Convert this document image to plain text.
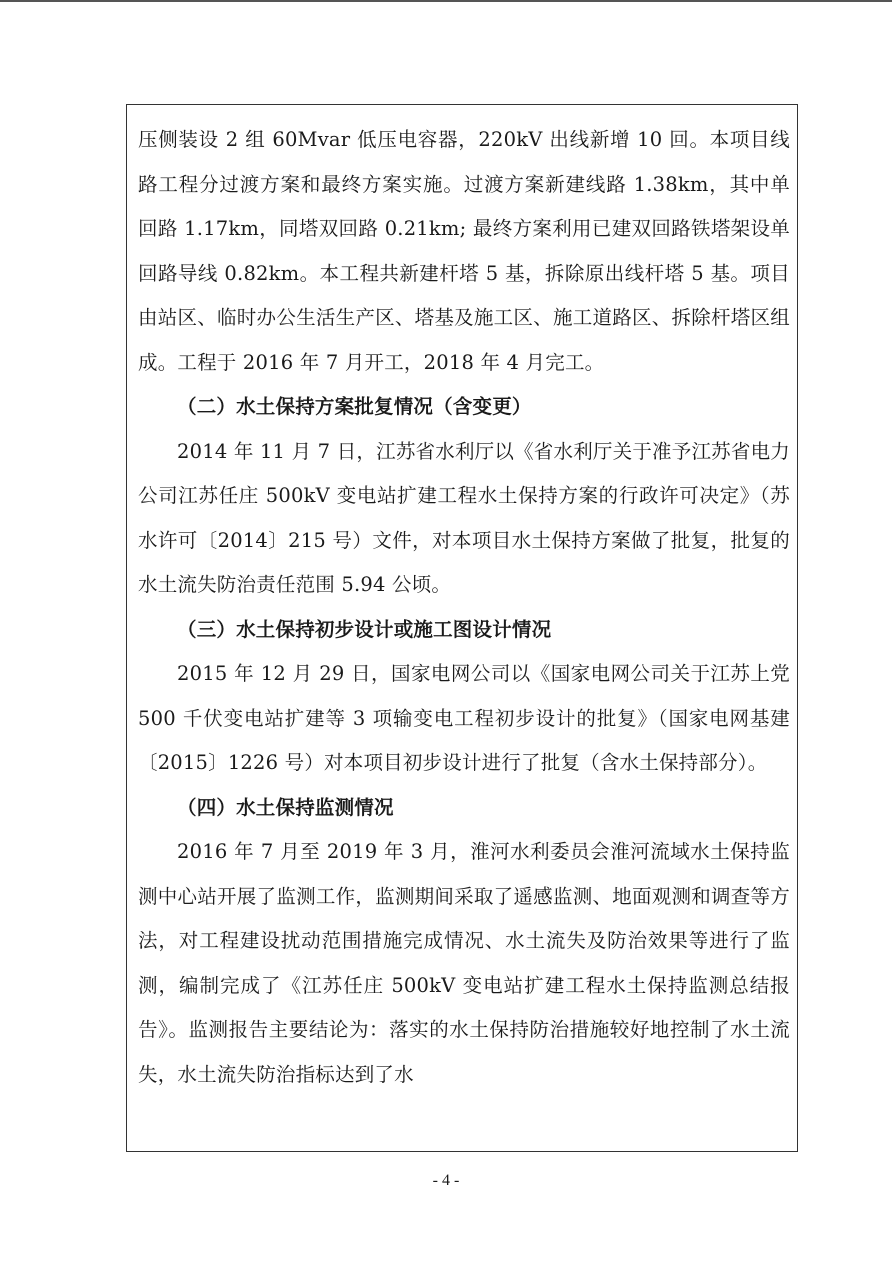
压侧装设 2 组 60Mvar 低压电容器，220kV 出线新增 10 回。本项目线路工程分过渡方案和最终方案实施。过渡方案新建线路 1.38km，其中单回路 1.17km，同塔双回路 0.21km; 最终方案利用已建双回路铁塔架设单回路导线 0.82km。本工程共新建杆塔 5 基，拆除原出线杆塔 5 基。项目由站区、临时办公生活生产区、塔基及施工区、施工道路区、拆除杆塔区组成。工程于 2016 年 7 月开工，2018 年 4 月完工。

（二）水土保持方案批复情况（含变更）

2014 年 11 月 7 日，江苏省水利厅以《省水利厅关于准予江苏省电力公司江苏任庄 500kV 变电站扩建工程水土保持方案的行政许可决定》（苏水许可〔2014〕215 号）文件，对本项目水土保持方案做了批复，批复的水土流失防治责任范围 5.94 公顷。

（三）水土保持初步设计或施工图设计情况

2015 年 12 月 29 日，国家电网公司以《国家电网公司关于江苏上党 500 千伏变电站扩建等 3 项输变电工程初步设计的批复》（国家电网基建〔2015〕1226 号）对本项目初步设计进行了批复（含水土保持部分）。

（四）水土保持监测情况

2016 年 7 月至 2019 年 3 月，淮河水利委员会淮河流域水土保持监测中心站开展了监测工作，监测期间采取了遥感监测、地面观测和调查等方法，对工程建设扰动范围措施完成情况、水土流失及防治效果等进行了监测，编制完成了《江苏任庄 500kV 变电站扩建工程水土保持监测总结报告》。监测报告主要结论为：落实的水土保持防治措施较好地控制了水土流失，水土流失防治指标达到了水

- 4 -
